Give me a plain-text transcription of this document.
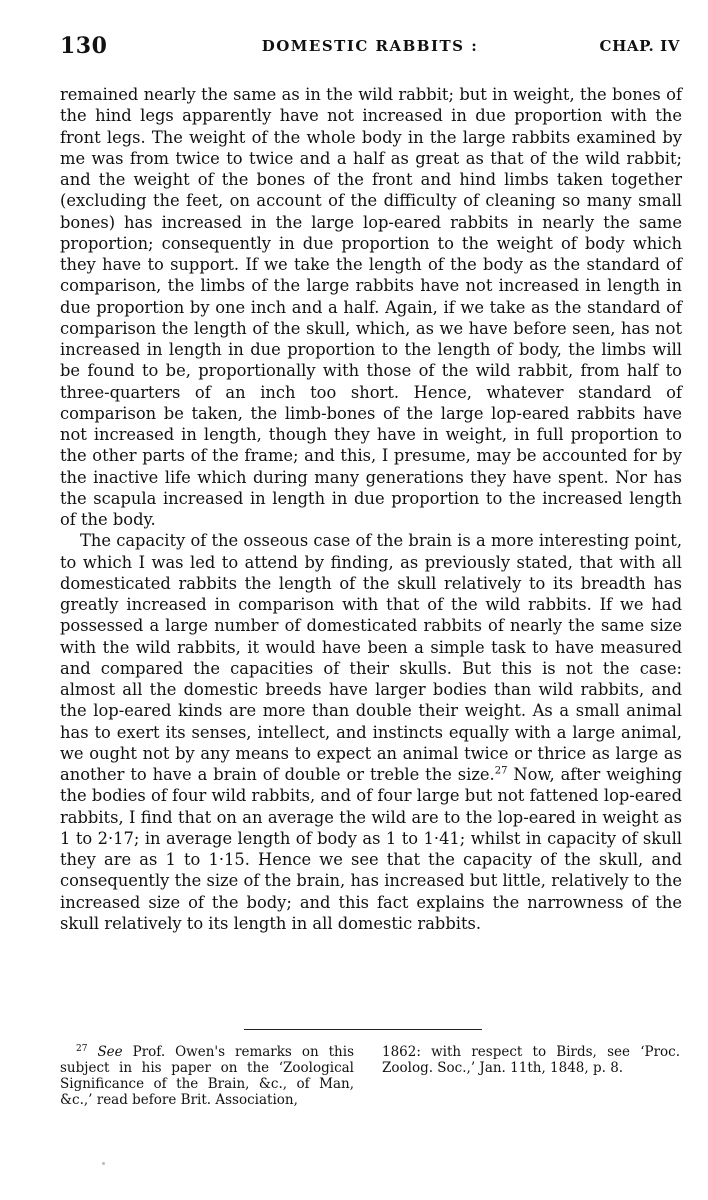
130	DOMESTIC RABBITS :	CHAP. IV

remained nearly the same as in the wild rabbit; but in weight, the bones of the hind legs apparently have not increased in due proportion with the front legs. The weight of the whole body in the large rabbits examined by me was from twice to twice and a half as great as that of the wild rabbit; and the weight of the bones of the front and hind limbs taken together (excluding the feet, on account of the difficulty of cleaning so many small bones) has increased in the large lop-eared rabbits in nearly the same proportion; consequently in due proportion to the weight of body which they have to support. If we take the length of the body as the standard of comparison, the limbs of the large rabbits have not increased in length in due proportion by one inch and a half. Again, if we take as the standard of comparison the length of the skull, which, as we have before seen, has not increased in length in due proportion to the length of body, the limbs will be found to be, proportionally with those of the wild rabbit, from half to three-quarters of an inch too short. Hence, whatever standard of comparison be taken, the limb-bones of the large lop-eared rabbits have not increased in length, though they have in weight, in full proportion to the other parts of the frame; and this, I presume, may be accounted for by the inactive life which during many generations they have spent. Nor has the scapula increased in length in due proportion to the increased length of the body.

The capacity of the osseous case of the brain is a more interesting point, to which I was led to attend by finding, as previously stated, that with all domesticated rabbits the length of the skull relatively to its breadth has greatly increased in comparison with that of the wild rabbits. If we had possessed a large number of domesticated rabbits of nearly the same size with the wild rabbits, it would have been a simple task to have measured and compared the capacities of their skulls. But this is not the case: almost all the domestic breeds have larger bodies than wild rabbits, and the lop-eared kinds are more than double their weight. As a small animal has to exert its senses, intellect, and instincts equally with a large animal, we ought not by any means to expect an animal twice or thrice as large as another to have a brain of double or treble the size.$^{27}$ Now, after weighing the bodies of four wild rabbits, and of four large but not fattened lop-eared rabbits, I find that on an average the wild are to the lop-eared in weight as 1 to 2·17; in average length of body as 1 to 1·41; whilst in capacity of skull they are as 1 to 1·15. Hence we see that the capacity of the skull, and consequently the size of the brain, has increased but little, relatively to the increased size of the body; and this fact explains the narrowness of the skull relatively to its length in all domestic rabbits.

$^{27}$ See Prof. Owen's remarks on this subject in his paper on the ‘Zoological Significance of the Brain, &c., of Man, &c.,’ read before Brit. Association,
1862: with respect to Birds, see ‘Proc. Zoolog. Soc.,’ Jan. 11th, 1848, p. 8.
